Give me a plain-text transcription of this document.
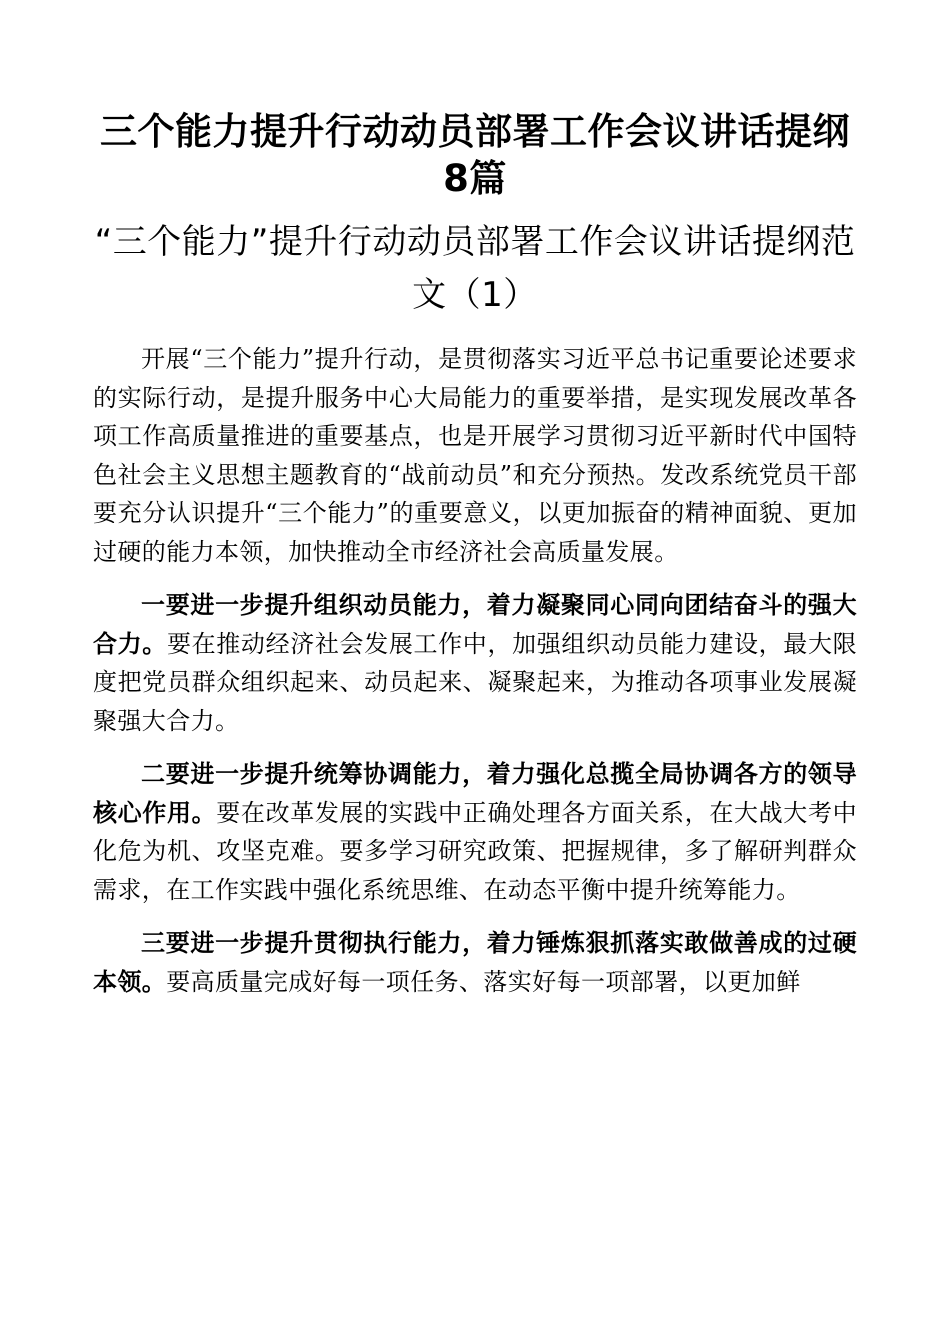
三个能力提升行动动员部署工作会议讲话提纲8篇
“三个能力”提升行动动员部署工作会议讲话提纲范文（1）

开展“三个能力”提升行动，是贯彻落实习近平总书记重要论述要求的实际行动，是提升服务中心大局能力的重要举措，是实现发展改革各项工作高质量推进的重要基点，也是开展学习贯彻习近平新时代中国特色社会主义思想主题教育的“战前动员”和充分预热。发改系统党员干部要充分认识提升“三个能力”的重要意义，以更加振奋的精神面貌、更加过硬的能力本领，加快推动全市经济社会高质量发展。

一要进一步提升组织动员能力，着力凝聚同心同向团结奋斗的强大合力。要在推动经济社会发展工作中，加强组织动员能力建设，最大限度把党员群众组织起来、动员起来、凝聚起来，为推动各项事业发展凝聚强大合力。

二要进一步提升统筹协调能力，着力强化总揽全局协调各方的领导核心作用。要在改革发展的实践中正确处理各方面关系，在大战大考中化危为机、攻坚克难。要多学习研究政策、把握规律，多了解研判群众需求，在工作实践中强化系统思维、在动态平衡中提升统筹能力。

三要进一步提升贯彻执行能力，着力锤炼狠抓落实敢做善成的过硬本领。要高质量完成好每一项任务、落实好每一项部署，以更加鲜
